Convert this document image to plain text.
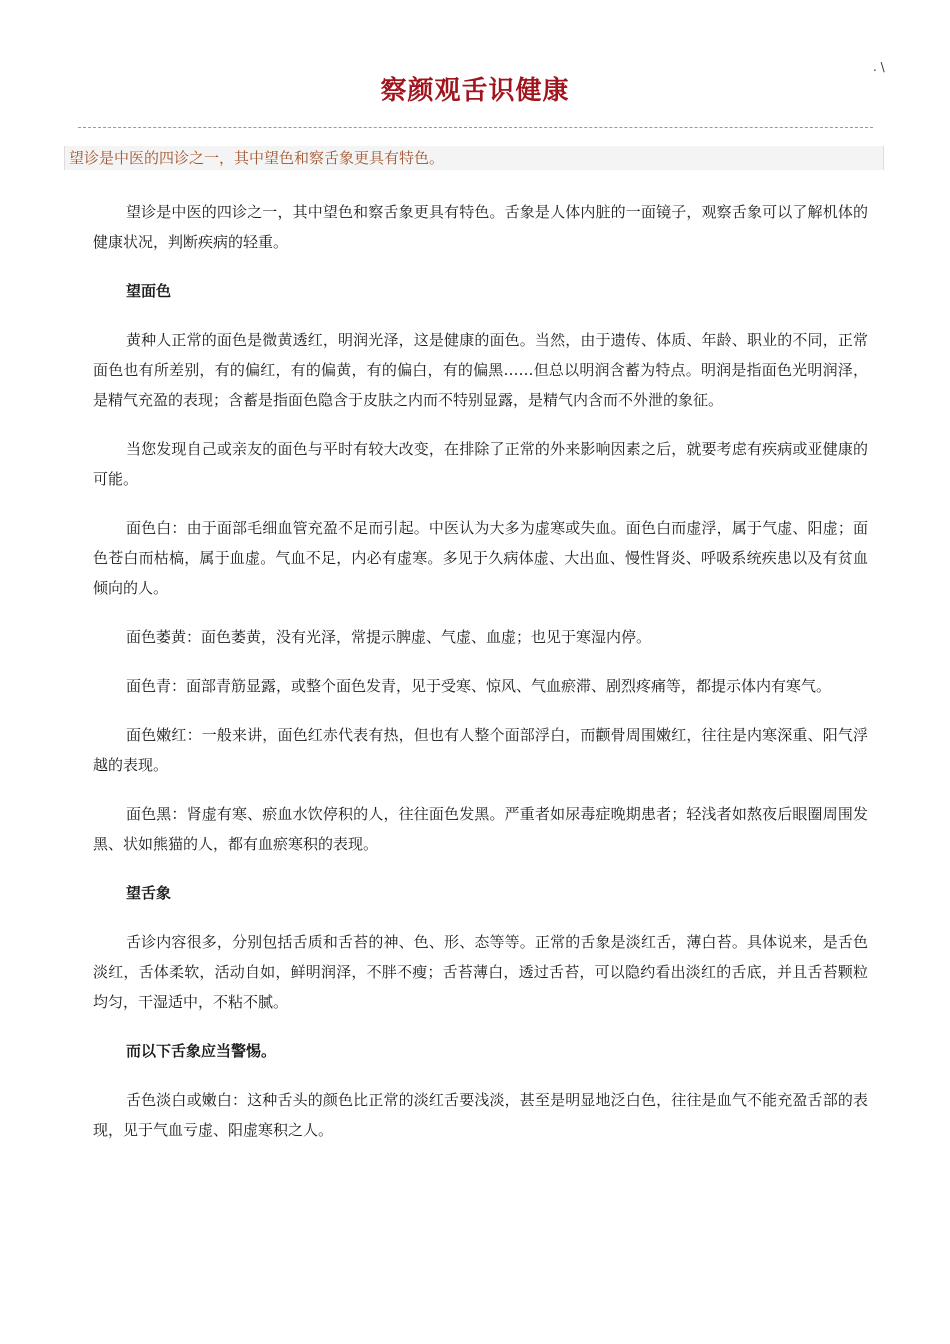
. \
察颜观舌识健康
望诊是中医的四诊之一，其中望色和察舌象更具有特色。

望诊是中医的四诊之一，其中望色和察舌象更具有特色。舌象是人体内脏的一面镜子，观察舌象可以了解机体的健康状况，判断疾病的轻重。

望面色

黄种人正常的面色是微黄透红，明润光泽，这是健康的面色。当然，由于遗传、体质、年龄、职业的不同，正常面色也有所差别，有的偏红，有的偏黄，有的偏白，有的偏黑……但总以明润含蓄为特点。明润是指面色光明润泽，是精气充盈的表现；含蓄是指面色隐含于皮肤之内而不特别显露，是精气内含而不外泄的象征。

当您发现自己或亲友的面色与平时有较大改变，在排除了正常的外来影响因素之后，就要考虑有疾病或亚健康的可能。

面色白：由于面部毛细血管充盈不足而引起。中医认为大多为虚寒或失血。面色白而虚浮，属于气虚、阳虚；面色苍白而枯槁，属于血虚。气血不足，内必有虚寒。多见于久病体虚、大出血、慢性肾炎、呼吸系统疾患以及有贫血倾向的人。

面色萎黄：面色萎黄，没有光泽，常提示脾虚、气虚、血虚；也见于寒湿内停。

面色青：面部青筋显露，或整个面色发青，见于受寒、惊风、气血瘀滞、剧烈疼痛等，都提示体内有寒气。

面色嫩红：一般来讲，面色红赤代表有热，但也有人整个面部浮白，而颧骨周围嫩红，往往是内寒深重、阳气浮越的表现。

面色黑：肾虚有寒、瘀血水饮停积的人，往往面色发黑。严重者如尿毒症晚期患者；轻浅者如熬夜后眼圈周围发黑、状如熊猫的人，都有血瘀寒积的表现。

望舌象

舌诊内容很多，分别包括舌质和舌苔的神、色、形、态等等。正常的舌象是淡红舌，薄白苔。具体说来，是舌色淡红，舌体柔软，活动自如，鲜明润泽，不胖不瘦；舌苔薄白，透过舌苔，可以隐约看出淡红的舌底，并且舌苔颗粒均匀，干湿适中，不粘不腻。

而以下舌象应当警惕。

舌色淡白或嫩白：这种舌头的颜色比正常的淡红舌要浅淡，甚至是明显地泛白色，往往是血气不能充盈舌部的表现，见于气血亏虚、阳虚寒积之人。
